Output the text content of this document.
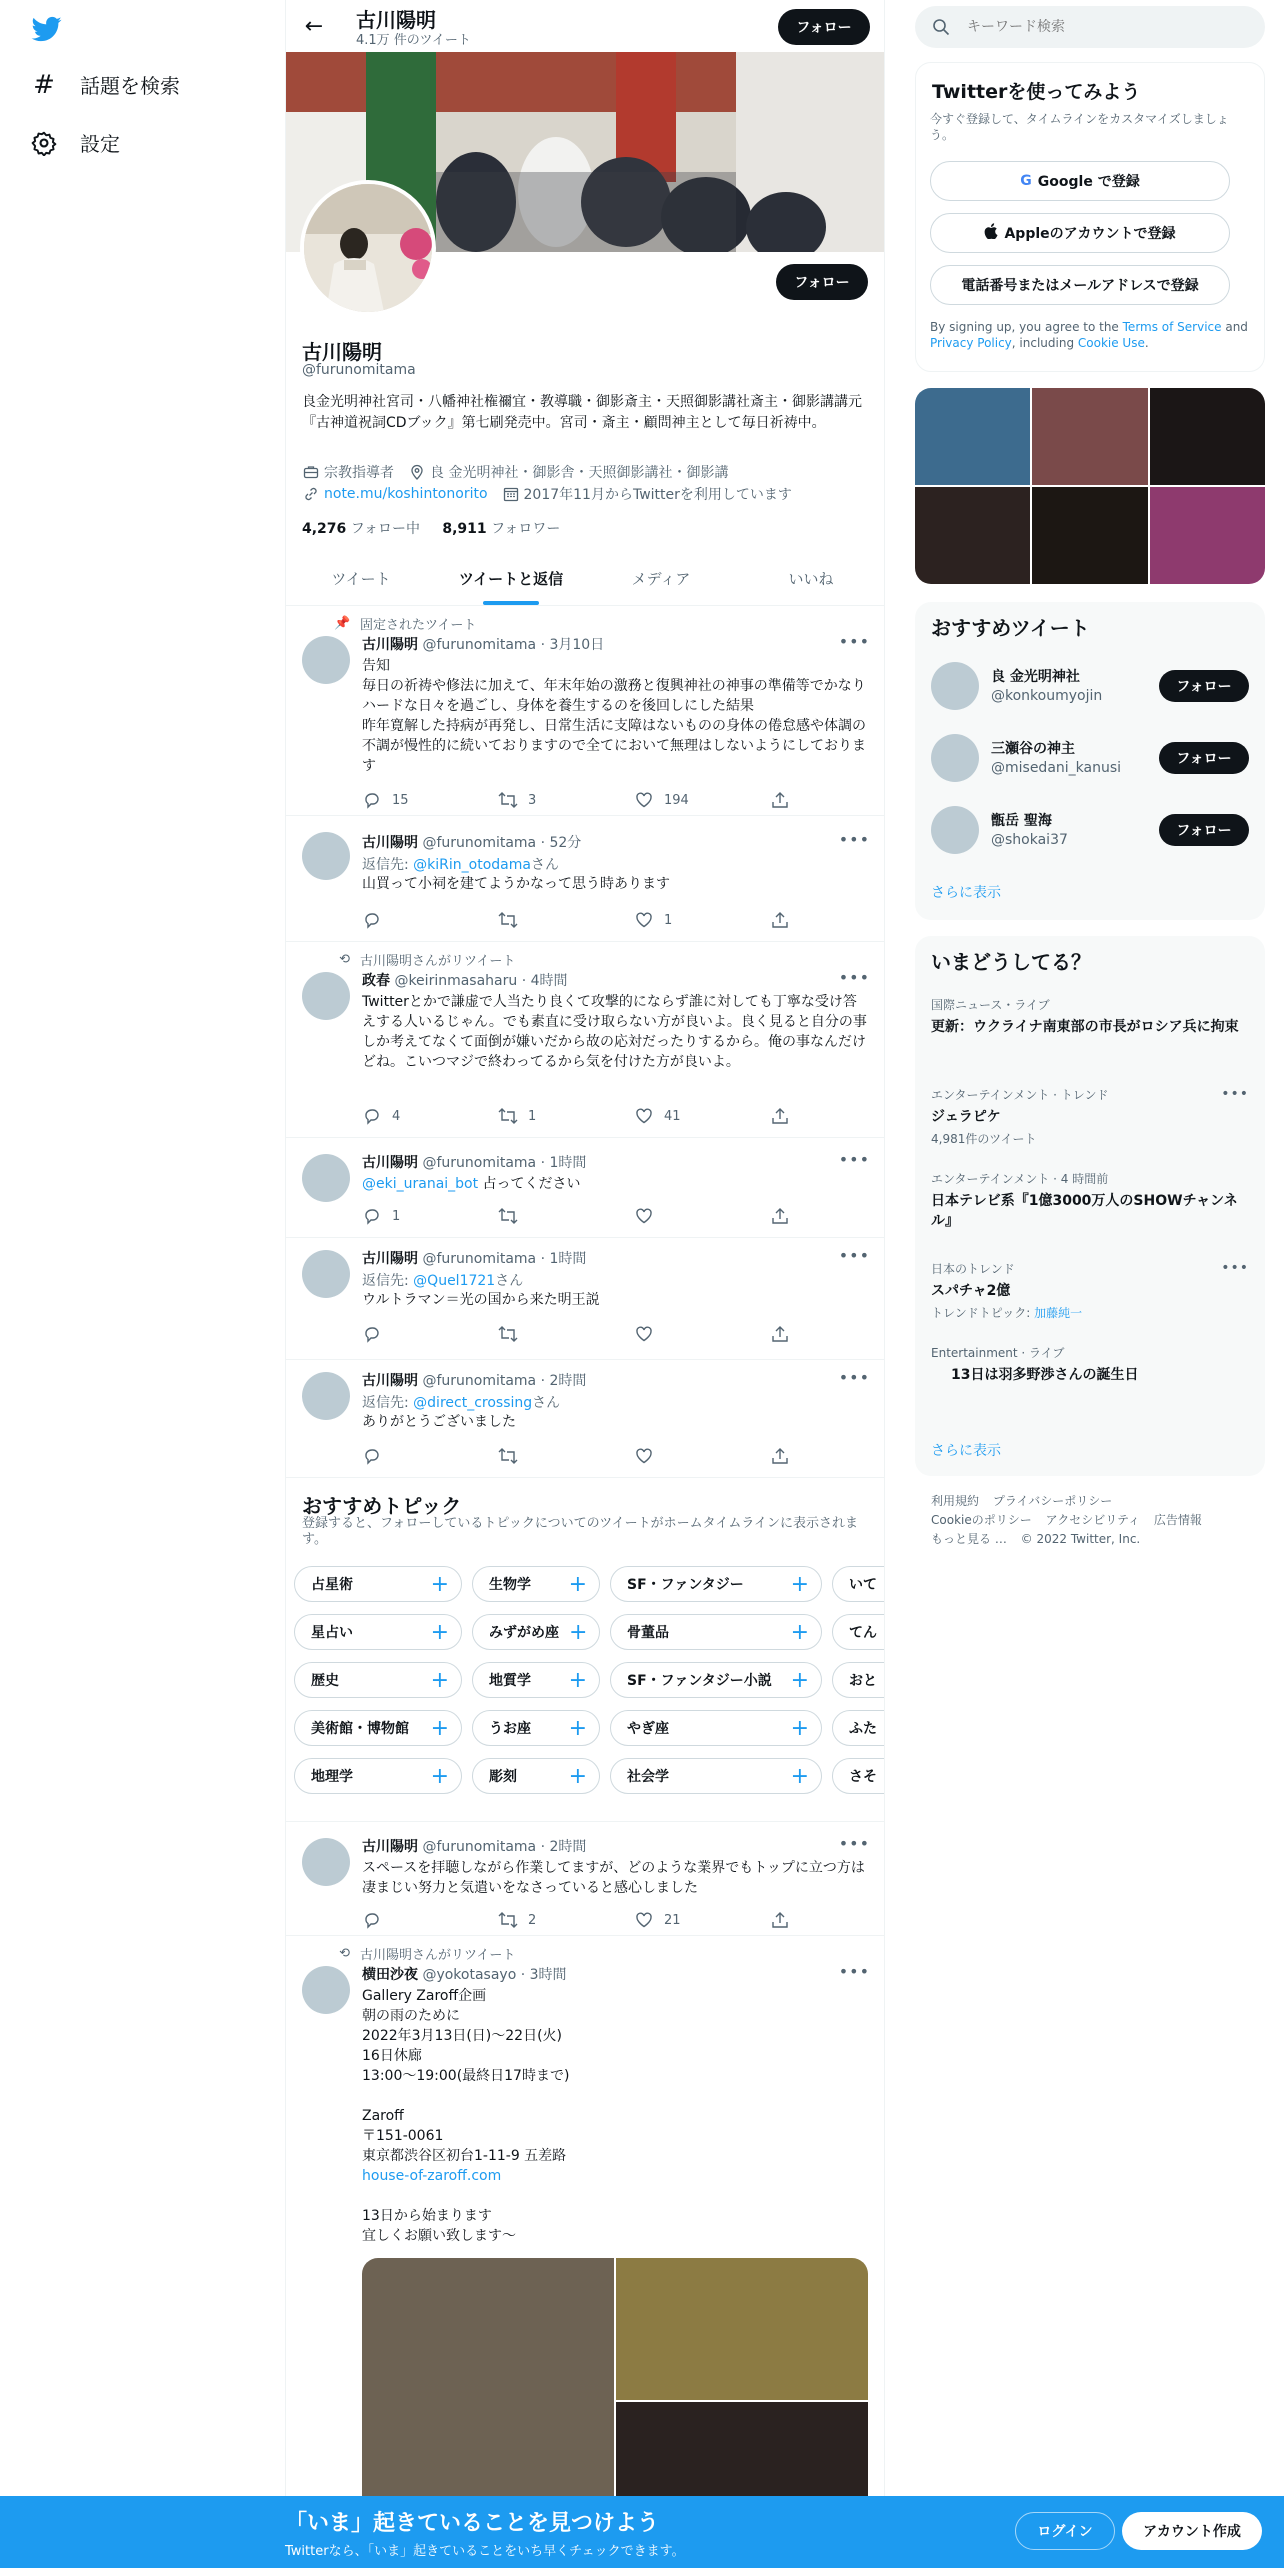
# 話題を検索
設定
← 古川陽明
4.1万 件のツイート
フォロー
フォロー
古川陽明
@furunomitama
良金光明神社宮司・八幡神社権禰宜・教導職・御影斎主・天照御影講社斎主・御影講講元『古神道祝詞CDブック』第七刷発売中。宮司・斎主・顧問神主として毎日祈祷中。
宗教指導者	良 金光明神社・御影舎・天照御影講社・御影講
note.mu/koshintonorito	2017年11月からTwitterを利用しています
4,276 フォロー中 8,911 フォロワー
ツイート	ツイートと返信	メディア	いいね
📌 固定されたツイート
古川陽明 @furunomitama · 3月10日	•••
告知
毎日の祈祷や修法に加えて、年末年始の激務と復興神社の神事の準備等でかなりハードな日々を過ごし、身体を養生するのを後回しにした結果
昨年寛解した持病が再発し、日常生活に支障はないものの身体の倦怠感や体調の不調が慢性的に続いておりますので全てにおいて無理はしないようにしております
15	3	194
古川陽明 @furunomitama · 52分	•••
返信先: @kiRin_otodamaさん
山買って小祠を建てようかなって思う時あります
1
⟲ 古川陽明さんがリツイート
政春 @keirinmasaharu · 4時間	•••
Twitterとかで謙虚で人当たり良くて攻撃的にならず誰に対しても丁寧な受け答えする人いるじゃん。でも素直に受け取らない方が良いよ。良く見ると自分の事しか考えてなくて面倒が嫌いだから故の応対だったりするから。俺の事なんだけどね。こいつマジで終わってるから気を付けた方が良いよ。
4	1	41
古川陽明 @furunomitama · 1時間	•••
@eki_uranai_bot 占ってください
1
古川陽明 @furunomitama · 1時間	•••
返信先: @Quel1721さん
ウルトラマン＝光の国から来た明王説
古川陽明 @furunomitama · 2時間	•••
返信先: @direct_crossingさん
ありがとうございました
おすすめトピック
登録すると、フォローしているトピックについてのツイートがホームタイムラインに表示されます。
占星術	+	生物学 +	SF・ファンタジー +	いて
星占い	+	みずがめ座 +	骨董品	+	てん
歴史	+	地質学 +	SF・ファンタジー小説 +	おと
美術館・博物館 +	うお座 +	やぎ座	+	ふた
地理学	+	彫刻 +	社会学	+	さそ
古川陽明 @furunomitama · 2時間	•••
スペースを拝聴しながら作業してますが、どのような業界でもトップに立つ方は凄まじい努力と気遣いをなさっていると感心しました
2	21
⟲ 古川陽明さんがリツイート
横田沙夜 @yokotasayo · 3時間	•••
Gallery Zaroff企画
朝の雨のために
2022年3月13日(日)〜22日(火)
16日休廊
13:00〜19:00(最終日17時まで)

Zaroff
〒151-0061
東京都渋谷区初台1-11-9 五差路
house-of-zaroff.com
13日から始まります
宜しくお願い致します〜
キーワード検索
Twitterを使ってみよう
今すぐ登録して、タイムラインをカスタマイズしましょう。
G Google で登録
Appleのアカウントで登録
電話番号またはメールアドレスで登録
By signing up, you agree to the Terms of Service and Privacy Policy, including Cookie Use.
おすすめツイート
良 金光明神社
@konkoumyojin
フォロー
三瀬谷の神主
@misedani_kanusi
フォロー
甑岳 聖海
@shokai37
フォロー
さらに表示
いまどうしてる？
国際ニュース・ライブ
更新：ウクライナ南東部の市長がロシア兵に拘束
エンターテインメント · トレンド
ジェラピケ
4,981件のツイート
•••
エンターテインメント · 4 時間前
日本テレビ系『1億3000万人のSHOWチャンネル』
日本のトレンド
スパチャ2億
トレンドトピック: 加藤純一
•••
Entertainment · ライブ
13日は羽多野渉さんの誕生日
さらに表示
利用規約 プライバシーポリシー
Cookieのポリシー アクセシビリティ 広告情報
もっと見る … © 2022 Twitter, Inc.
「いま」起きていることを見つけよう
Twitterなら、「いま」起きていることをいち早くチェックできます。
ログイン	アカウント作成
